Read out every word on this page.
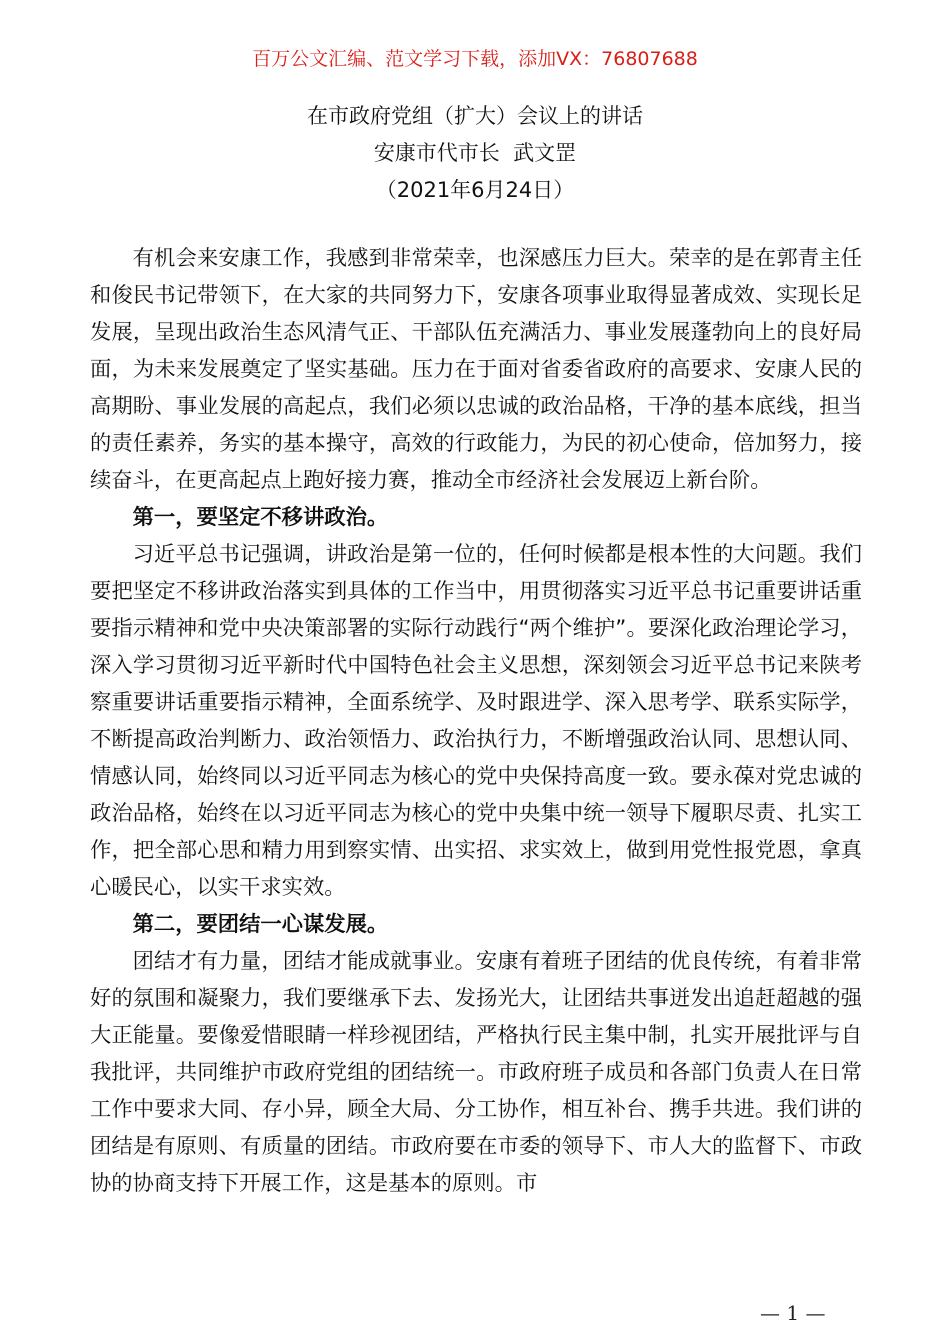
百万公文汇编、范文学习下载，添加VX：76807688
在市政府党组（扩大）会议上的讲话
安康市代市长  武文罡
（2021年6月24日）

有机会来安康工作，我感到非常荣幸，也深感压力巨大。荣幸的是在郭青主任和俊民书记带领下，在大家的共同努力下，安康各项事业取得显著成效、实现长足发展，呈现出政治生态风清气正、干部队伍充满活力、事业发展蓬勃向上的良好局面，为未来发展奠定了坚实基础。压力在于面对省委省政府的高要求、安康人民的高期盼、事业发展的高起点，我们必须以忠诚的政治品格，干净的基本底线，担当的责任素养，务实的基本操守，高效的行政能力，为民的初心使命，倍加努力，接续奋斗，在更高起点上跑好接力赛，推动全市经济社会发展迈上新台阶。

第一，要坚定不移讲政治。

习近平总书记强调，讲政治是第一位的，任何时候都是根本性的大问题。我们要把坚定不移讲政治落实到具体的工作当中，用贯彻落实习近平总书记重要讲话重要指示精神和党中央决策部署的实际行动践行“两个维护”。要深化政治理论学习，深入学习贯彻习近平新时代中国特色社会主义思想，深刻领会习近平总书记来陕考察重要讲话重要指示精神，全面系统学、及时跟进学、深入思考学、联系实际学，不断提高政治判断力、政治领悟力、政治执行力，不断增强政治认同、思想认同、情感认同，始终同以习近平同志为核心的党中央保持高度一致。要永葆对党忠诚的政治品格，始终在以习近平同志为核心的党中央集中统一领导下履职尽责、扎实工作，把全部心思和精力用到察实情、出实招、求实效上，做到用党性报党恩，拿真心暖民心，以实干求实效。

第二，要团结一心谋发展。

团结才有力量，团结才能成就事业。安康有着班子团结的优良传统，有着非常好的氛围和凝聚力，我们要继承下去、发扬光大，让团结共事迸发出追赶超越的强大正能量。要像爱惜眼睛一样珍视团结，严格执行民主集中制，扎实开展批评与自我批评，共同维护市政府党组的团结统一。市政府班子成员和各部门负责人在日常工作中要求大同、存小异，顾全大局、分工协作，相互补台、携手共进。我们讲的团结是有原则、有质量的团结。市政府要在市委的领导下、市人大的监督下、市政协的协商支持下开展工作，这是基本的原则。市

— 1 —
